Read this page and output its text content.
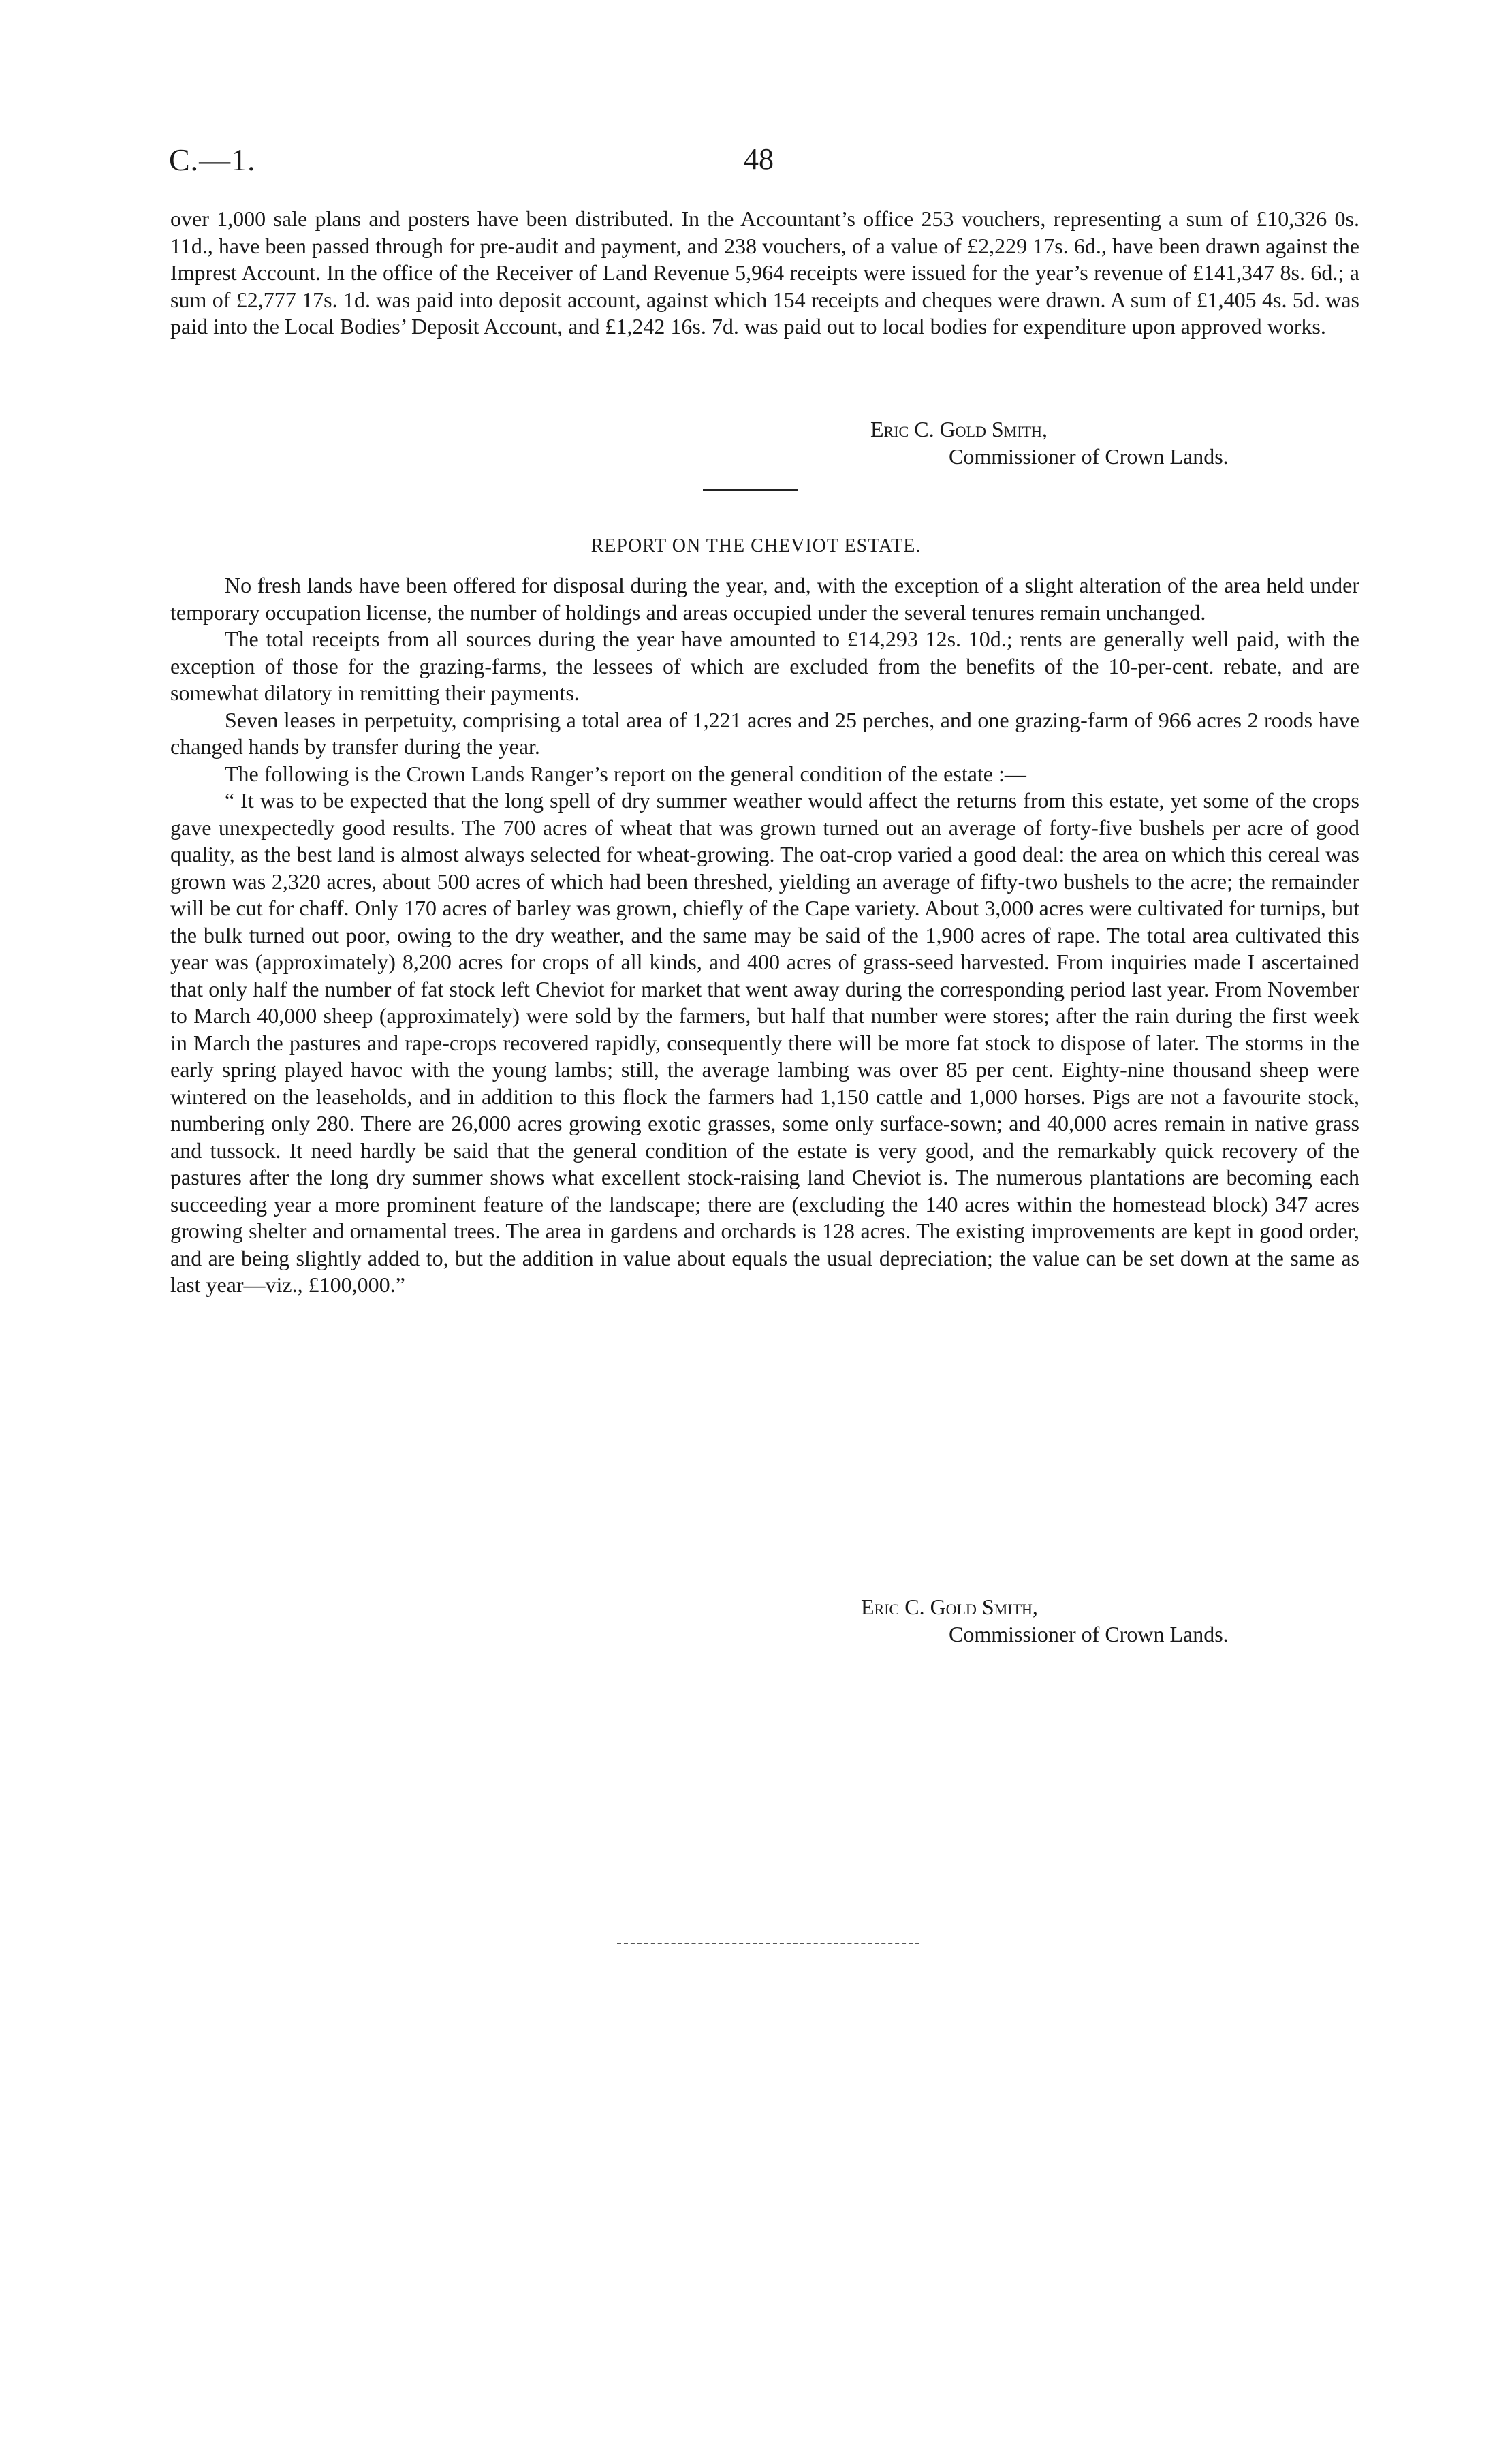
C.—1.	48

over 1,000 sale plans and posters have been distributed. In the Accountant’s office 253 vouchers, representing a sum of £10,326 0s. 11d., have been passed through for pre-audit and payment, and 238 vouchers, of a value of £2,229 17s. 6d., have been drawn against the Imprest Account. In the office of the Receiver of Land Revenue 5,964 receipts were issued for the year’s revenue of £141,347 8s. 6d.; a sum of £2,777 17s. 1d. was paid into deposit account, against which 154 receipts and cheques were drawn. A sum of £1,405 4s. 5d. was paid into the Local Bodies’ Deposit Account, and £1,242 16s. 7d. was paid out to local bodies for expenditure upon approved works.

Eric C. Gold Smith,
Commissioner of Crown Lands.
REPORT ON THE CHEVIOT ESTATE.

No fresh lands have been offered for disposal during the year, and, with the exception of a slight alteration of the area held under temporary occupation license, the number of holdings and areas occupied under the several tenures remain unchanged.

The total receipts from all sources during the year have amounted to £14,293 12s. 10d.; rents are generally well paid, with the exception of those for the grazing-farms, the lessees of which are excluded from the benefits of the 10-per-cent. rebate, and are somewhat dilatory in remitting their payments.

Seven leases in perpetuity, comprising a total area of 1,221 acres and 25 perches, and one grazing-farm of 966 acres 2 roods have changed hands by transfer during the year.

The following is the Crown Lands Ranger’s report on the general condition of the estate :—

“ It was to be expected that the long spell of dry summer weather would affect the returns from this estate, yet some of the crops gave unexpectedly good results. The 700 acres of wheat that was grown turned out an average of forty-five bushels per acre of good quality, as the best land is almost always selected for wheat-growing. The oat-crop varied a good deal: the area on which this cereal was grown was 2,320 acres, about 500 acres of which had been threshed, yielding an average of fifty-two bushels to the acre; the remainder will be cut for chaff. Only 170 acres of barley was grown, chiefly of the Cape variety. About 3,000 acres were cultivated for turnips, but the bulk turned out poor, owing to the dry weather, and the same may be said of the 1,900 acres of rape. The total area cultivated this year was (approximately) 8,200 acres for crops of all kinds, and 400 acres of grass-seed harvested. From inquiries made I ascertained that only half the number of fat stock left Cheviot for market that went away during the corresponding period last year. From November to March 40,000 sheep (approximately) were sold by the farmers, but half that number were stores; after the rain during the first week in March the pastures and rape-crops recovered rapidly, consequently there will be more fat stock to dispose of later. The storms in the early spring played havoc with the young lambs; still, the average lambing was over 85 per cent. Eighty-nine thousand sheep were wintered on the leaseholds, and in addition to this flock the farmers had 1,150 cattle and 1,000 horses. Pigs are not a favourite stock, numbering only 280. There are 26,000 acres growing exotic grasses, some only surface-sown; and 40,000 acres remain in native grass and tussock. It need hardly be said that the general condition of the estate is very good, and the remarkably quick recovery of the pastures after the long dry summer shows what excellent stock-raising land Cheviot is. The numerous plantations are becoming each succeeding year a more prominent feature of the landscape; there are (excluding the 140 acres within the homestead block) 347 acres growing shelter and ornamental trees. The area in gardens and orchards is 128 acres. The existing improvements are kept in good order, and are being slightly added to, but the addition in value about equals the usual depreciation; the value can be set down at the same as last year—viz., £100,000.”

Eric C. Gold Smith,
Commissioner of Crown Lands.
